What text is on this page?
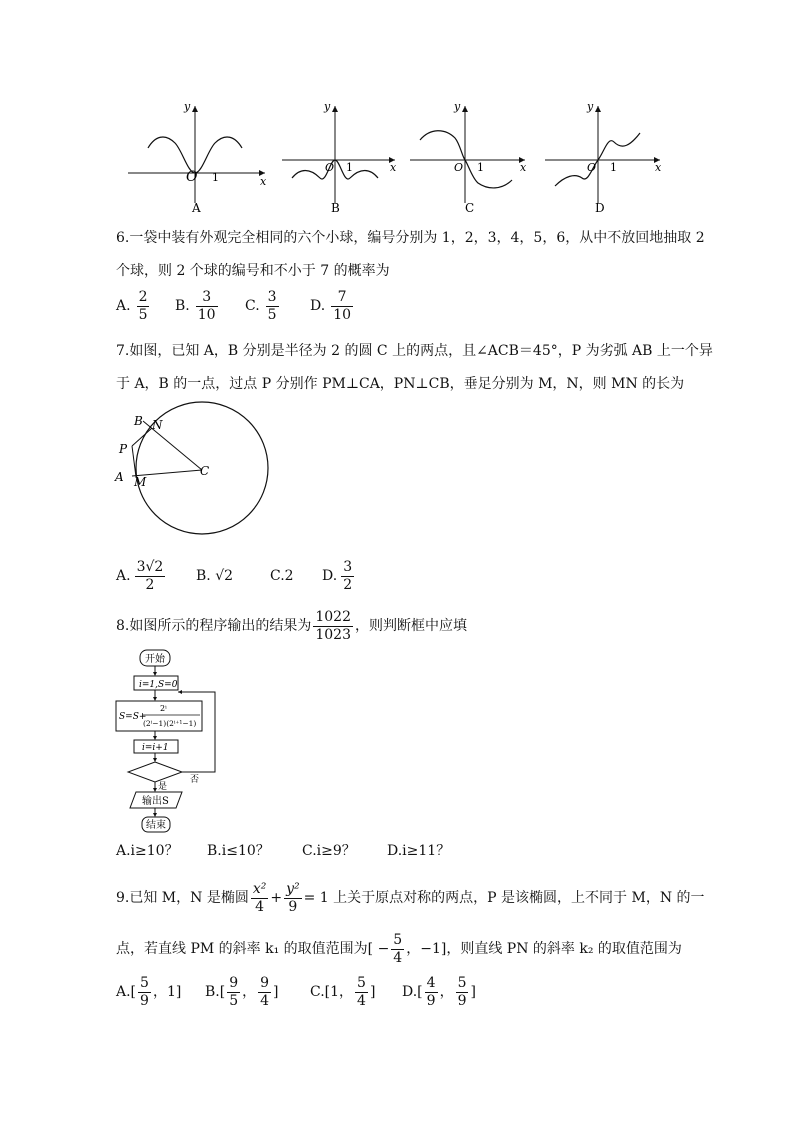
O 1	x
y
A
O 1	x
y
B
O 1	x
y
C
O 1	x
y
D
6.一袋中装有外观完全相同的六个小球，编号分别为 1，2，3，4，5，6，从中不放回地抽取 2
个球，则 2 个球的编号和不小于 7 的概率为
A. $\frac{2}{5} B$. $\frac{3}{10} C$. $\frac{3}{5} D$. $\frac{7}{10}$
7.如图，已知 A，B 分别是半径为 2 的圆 C 上的两点，且∠ACB＝45°，P 为劣弧 AB 上一个异
于 A，B 的一点，过点 P 分别作 PM⊥CA，PN⊥CB，垂足分别为 M，N，则 MN 的长为
B N
P
A M
C
A. $\frac{3√2}{2} B$. √2	C.2 D. $\frac{3}{2}$
8.如图所示的程序输出的结果为 $\frac{1022}{1023}$ ，则判断框中应填
开始
i=1,S=0
S=S+
2ⁱ
(2ⁱ−1)(2ⁱ⁺¹−1)
i=i+1
否
是
输出S
结束
A.i≥10？ B.i≤10？ C.i≥9？ D.i≥11？
9.已知 M，N 是椭圆 $\frac{\text{x²}}{4} + \frac{\text{y²}}{9} = 1$ 上关于原点对称的两点，P 是该椭圆，上不同于 M，N 的一
点，若直线 PM 的斜率 k₁ 的取值范围为[ − $\frac{5}{4}$ ，−1]，则直线 PN 的斜率 k₂ 的取值范围为
$A.[ \frac{5}{9}$ ，1] $B.[ \frac{9}{5}$ ， $\frac{9}{4}$ ] C.[1， $\frac{5}{4}$ ] $D.[ \frac{4}{9}$ ， $\frac{5}{9}$ ]
